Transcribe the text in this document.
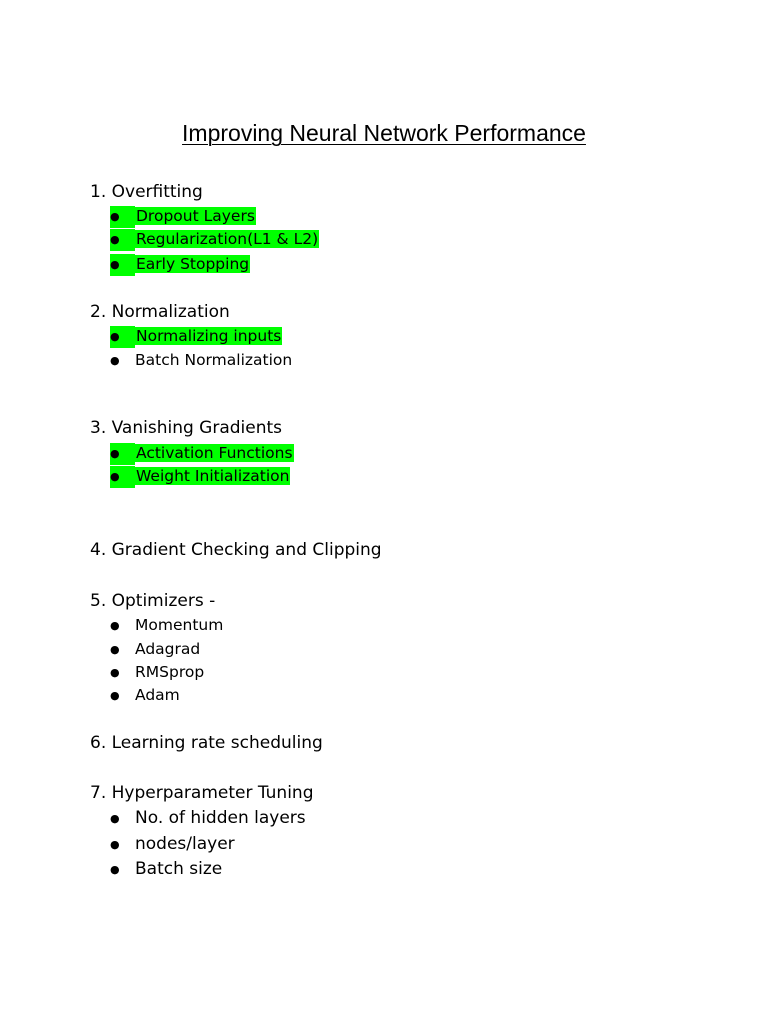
Improving Neural Network Performance
1. Overfitting
● Dropout Layers
● Regularization(L1 & L2)
● Early Stopping
2. Normalization
● Normalizing inputs
● Batch Normalization
3. Vanishing Gradients
● Activation Functions
● Weight Initialization
4. Gradient Checking and Clipping
5. Optimizers -
● Momentum
● Adagrad
● RMSprop
● Adam
6. Learning rate scheduling
7. Hyperparameter Tuning
● No. of hidden layers
● nodes/layer
● Batch size
